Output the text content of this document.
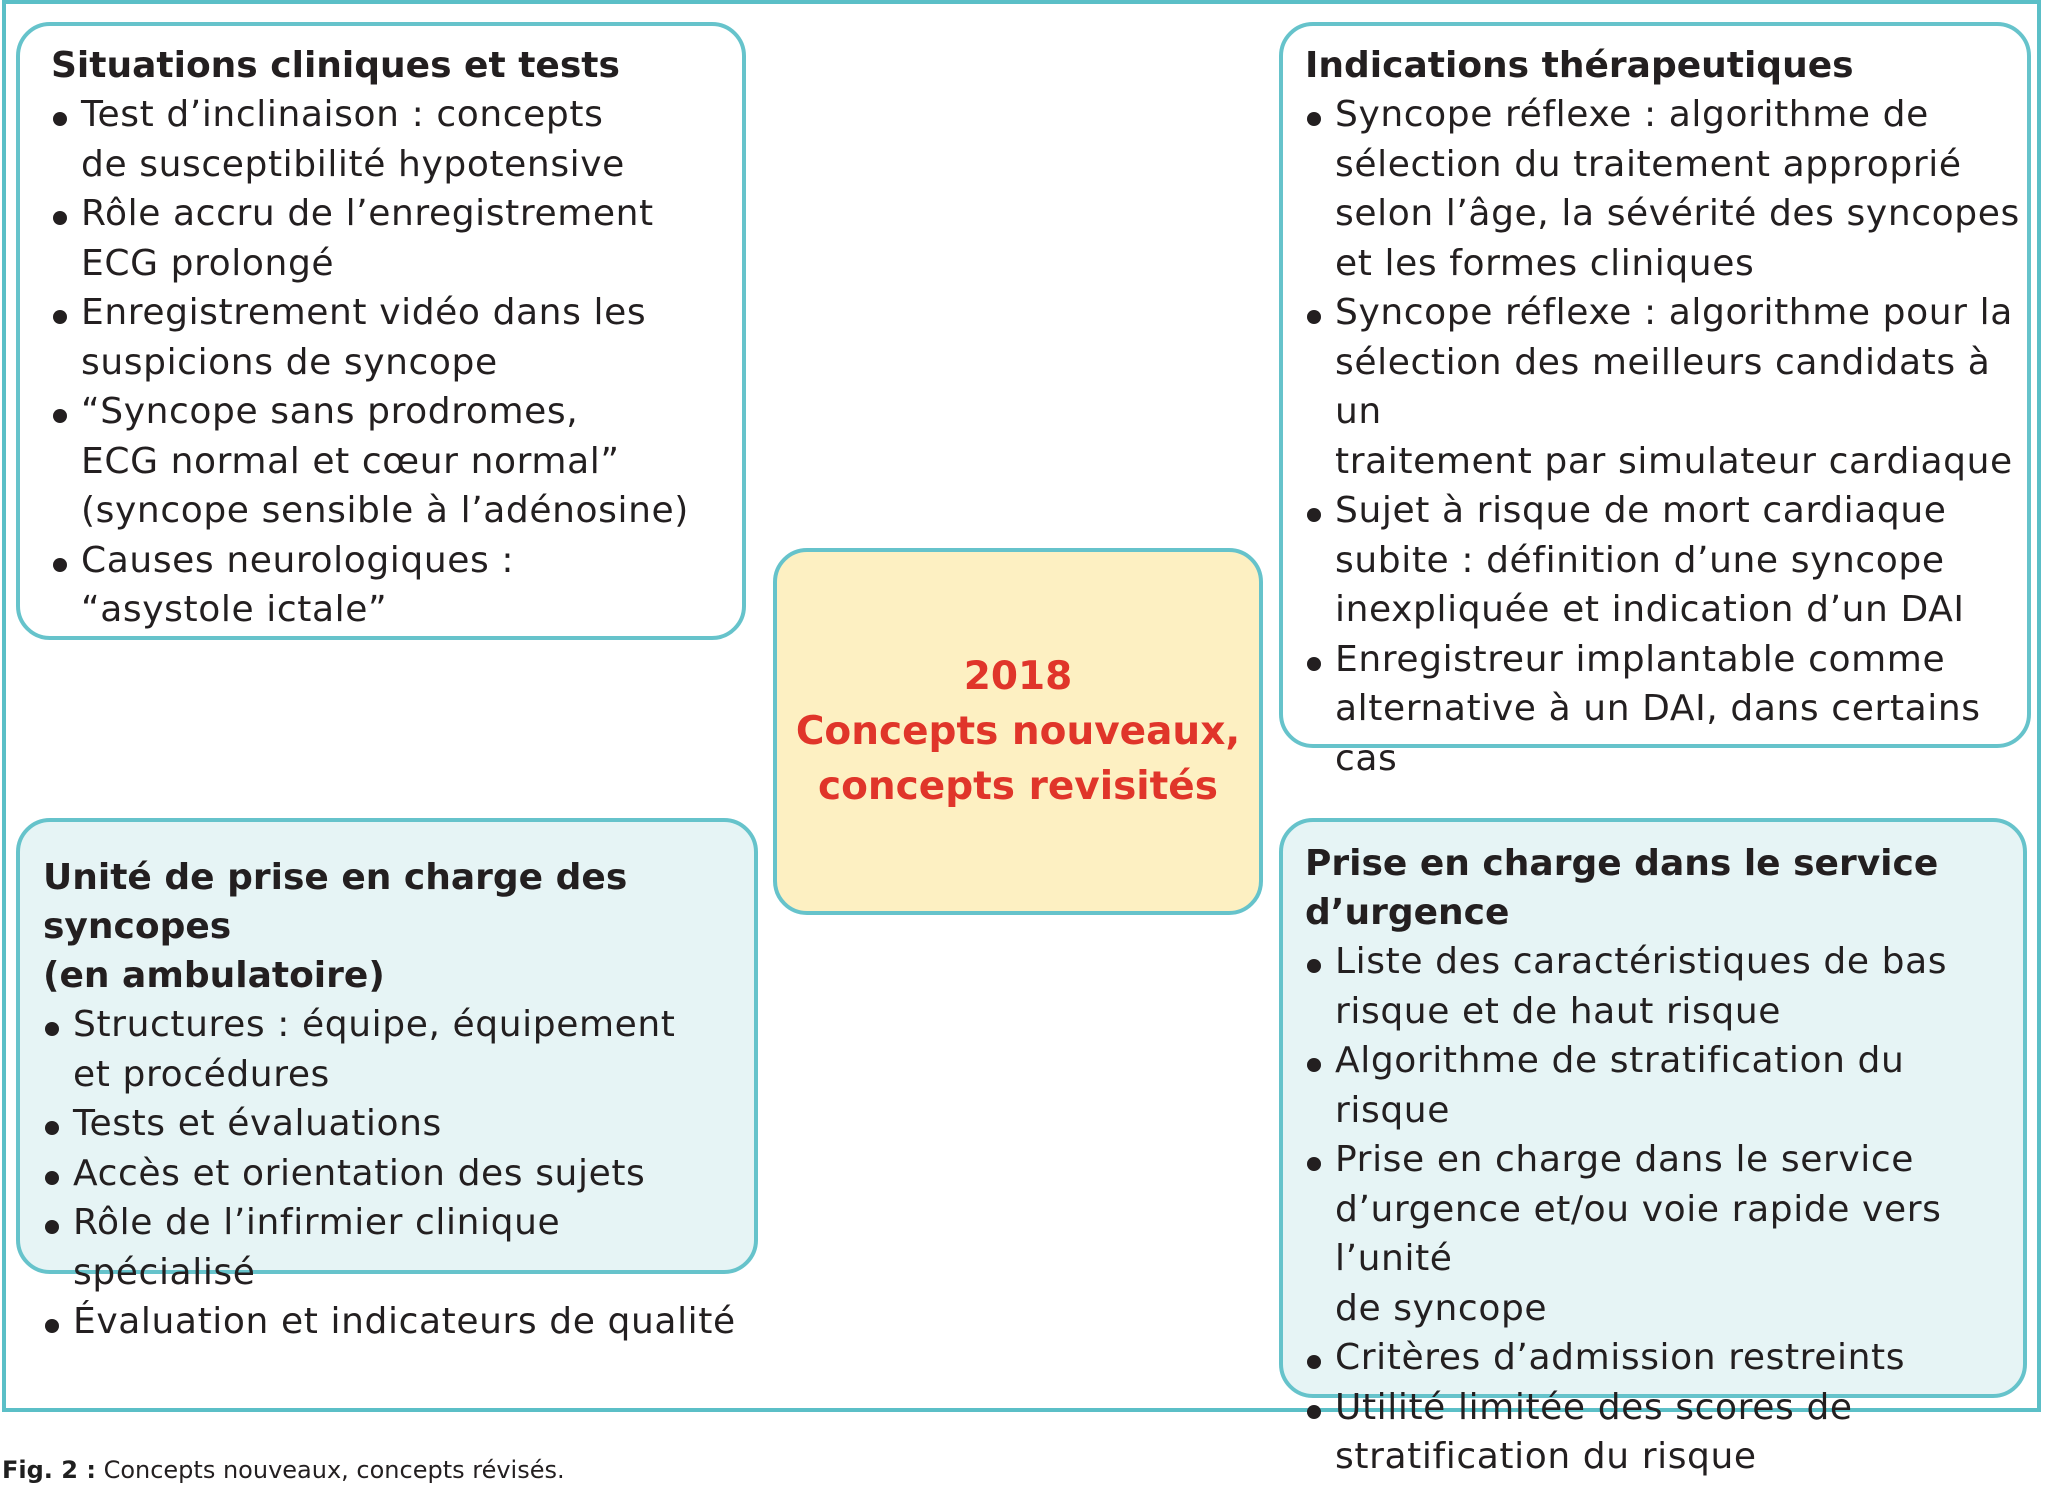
Situations cliniques et tests
Test d’inclinaison : concepts
de susceptibilité hypotensive
Rôle accru de l’enregistrement
ECG prolongé
Enregistrement vidéo dans les
suspicions de syncope
“Syncope sans prodromes,
ECG normal et cœur normal”
(syncope sensible à l’adénosine)
Causes neurologiques :
“asystole ictale”
Indications thérapeutiques
Syncope réflexe : algorithme de
sélection du traitement approprié
selon l’âge, la sévérité des syncopes
et les formes cliniques
Syncope réflexe : algorithme pour la
sélection des meilleurs candidats à un
traitement par simulateur cardiaque
Sujet à risque de mort cardiaque
subite : définition d’une syncope
inexpliquée et indication d’un DAI
Enregistreur implantable comme
alternative à un DAI, dans certains cas
2018
Concepts nouveaux,
concepts revisités
Unité de prise en charge des syncopes
(en ambulatoire)
Structures : équipe, équipement
et procédures
Tests et évaluations
Accès et orientation des sujets
Rôle de l’infirmier clinique spécialisé
Évaluation et indicateurs de qualité
Prise en charge dans le service
d’urgence
Liste des caractéristiques de bas
risque et de haut risque
Algorithme de stratification du risque
Prise en charge dans le service
d’urgence et/ou voie rapide vers l’unité
de syncope
Critères d’admission restreints
Utilité limitée des scores de
stratification du risque
Fig. 2 : Concepts nouveaux, concepts révisés.
